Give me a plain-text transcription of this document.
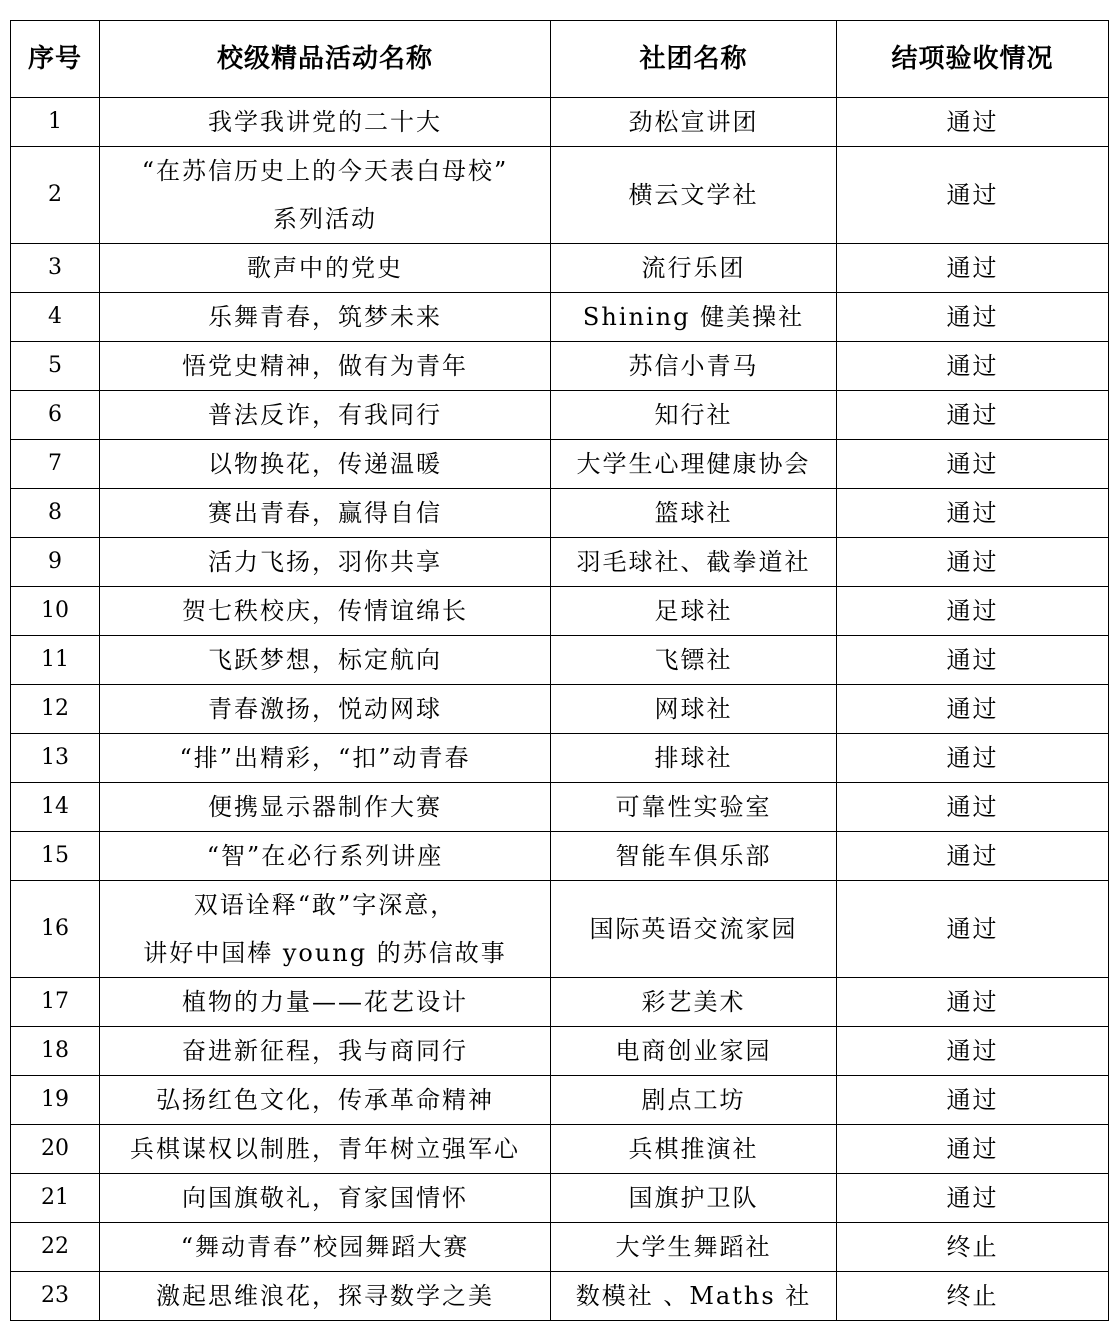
序号	校级精品活动名称	社团名称	结项验收情况
1	我学我讲党的二十大	劲松宣讲团	通过
2	“在苏信历史上的今天表白母校”
系列活动	横云文学社	通过
3	歌声中的党史	流行乐团	通过
4	乐舞青春，筑梦未来	Shining 健美操社	通过
5	悟党史精神，做有为青年	苏信小青马	通过
6	普法反诈，有我同行	知行社	通过
7	以物换花，传递温暖	大学生心理健康协会	通过
8	赛出青春，赢得自信	篮球社	通过
9	活力飞扬，羽你共享	羽毛球社、截拳道社	通过
10	贺七秩校庆，传情谊绵长	足球社	通过
11	飞跃梦想，标定航向	飞镖社	通过
12	青春激扬，悦动网球	网球社	通过
13	“排”出精彩，“扣”动青春	排球社	通过
14	便携显示器制作大赛	可靠性实验室	通过
15	“智”在必行系列讲座	智能车俱乐部	通过
16	双语诠释“敢”字深意，
讲好中国棒 young 的苏信故事	国际英语交流家园	通过
17	植物的力量——花艺设计	彩艺美术	通过
18	奋进新征程，我与商同行	电商创业家园	通过
19	弘扬红色文化，传承革命精神	剧点工坊	通过
20	兵棋谋权以制胜，青年树立强军心	兵棋推演社	通过
21	向国旗敬礼，育家国情怀	国旗护卫队	通过
22	“舞动青春”校园舞蹈大赛	大学生舞蹈社	终止
23	激起思维浪花，探寻数学之美	数模社 、Maths 社	终止
